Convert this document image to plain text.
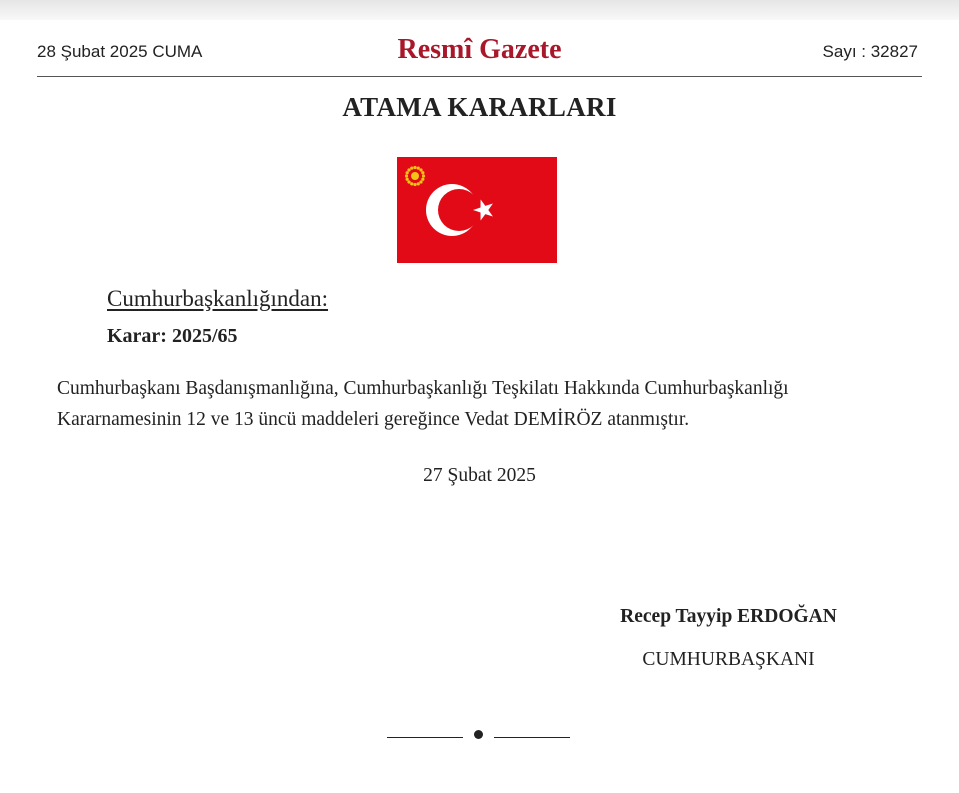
28 Şubat 2025 CUMA	Resmî Gazete	Sayı : 32827
ATAMA KARARLARI
Cumhurbaşkanlığından:
Karar: 2025/65
Cumhurbaşkanı Başdanışmanlığına, Cumhurbaşkanlığı Teşkilatı Hakkında Cumhurbaşkanlığı
Kararnamesinin 12 ve 13 üncü maddeleri gereğince Vedat DEMİRÖZ atanmıştır.
27 Şubat 2025
Recep Tayyip ERDOĞAN
CUMHURBAŞKANI
